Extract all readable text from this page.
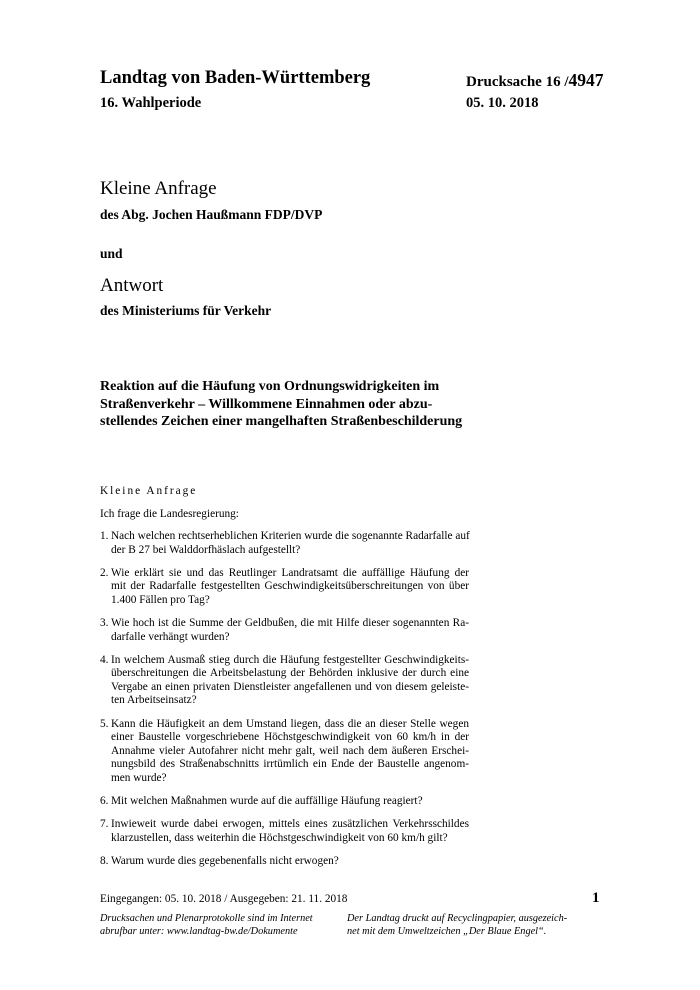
Landtag von Baden-Württemberg	Drucksache 16 /4947
16. Wahlperiode	05. 10. 2018
Kleine Anfrage
des Abg. Jochen Haußmann FDP/DVP
und
Antwort
des Ministeriums für Verkehr
Reaktion auf die Häufung von Ordnungswidrigkeiten im
Straßenverkehr – Willkommene Einnahmen oder abzu-
stellendes Zeichen einer mangelhaften Straßenbeschilderung
Kleine Anfrage
Ich frage die Landesregierung:
1. Nach welchen rechtserheblichen Kriterien wurde die sogenannte Radarfalle auf
der B 27 bei Walddorfhäslach aufgestellt?
2. Wie erklärt sie und das Reutlinger Landratsamt die auffällige Häufung der
mit der Radarfalle festgestellten Geschwindigkeitsüberschreitungen von über
1.400 Fällen pro Tag?
3. Wie hoch ist die Summe der Geldbußen, die mit Hilfe dieser sogenannten Ra-
darfalle verhängt wurden?
4. In welchem Ausmaß stieg durch die Häufung festgestellter Geschwindigkeits-
überschreitungen die Arbeitsbelastung der Behörden inklusive der durch eine
Vergabe an einen privaten Dienstleister angefallenen und von diesem geleiste-
ten Arbeitseinsatz?
5. Kann die Häufigkeit an dem Umstand liegen, dass die an dieser Stelle wegen
einer Baustelle vorgeschriebene Höchstgeschwindigkeit von 60 km/h in der
Annahme vieler Autofahrer nicht mehr galt, weil nach dem äußeren Erschei-
nungsbild des Straßenabschnitts irrtümlich ein Ende der Baustelle angenom-
men wurde?
6. Mit welchen Maßnahmen wurde auf die auffällige Häufung reagiert?
7. Inwieweit wurde dabei erwogen, mittels eines zusätzlichen Verkehrsschildes
klarzustellen, dass weiterhin die Höchstgeschwindigkeit von 60 km/h gilt?
8. Warum wurde dies gegebenenfalls nicht erwogen?
Eingegangen: 05. 10. 2018 / Ausgegeben: 21. 11. 2018	1
Drucksachen und Plenarprotokolle sind im Internet
abrufbar unter: www.landtag-bw.de/Dokumente
Der Landtag druckt auf Recyclingpapier, ausgezeich-
net mit dem Umweltzeichen „Der Blaue Engel“.
